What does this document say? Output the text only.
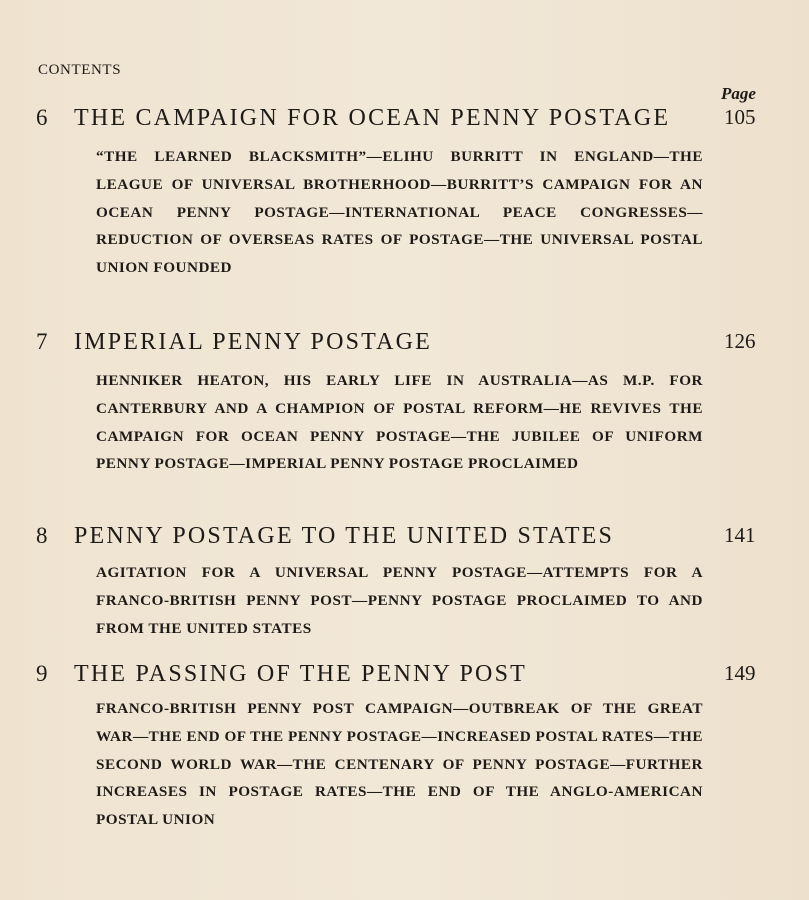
CONTENTS
Page
6 THE CAMPAIGN FOR OCEAN PENNY POSTAGE	105
“THE LEARNED BLACKSMITH”—ELIHU BURRITT IN ENGLAND—THE LEAGUE OF UNIVERSAL BROTHERHOOD—BURRITT’S CAMPAIGN FOR AN OCEAN PENNY POSTAGE—INTERNATIONAL PEACE CONGRESSES—REDUCTION OF OVERSEAS RATES OF POSTAGE—THE UNIVERSAL POSTAL UNION FOUNDED
7 IMPERIAL PENNY POSTAGE	126
HENNIKER HEATON, HIS EARLY LIFE IN AUSTRALIA—AS M.P. FOR CANTERBURY AND A CHAMPION OF POSTAL REFORM—HE REVIVES THE CAMPAIGN FOR OCEAN PENNY POSTAGE—THE JUBILEE OF UNIFORM PENNY POSTAGE—IMPERIAL PENNY POSTAGE PROCLAIMED
8 PENNY POSTAGE TO THE UNITED STATES	141
AGITATION FOR A UNIVERSAL PENNY POSTAGE—ATTEMPTS FOR A FRANCO-BRITISH PENNY POST—PENNY POSTAGE PROCLAIMED TO AND FROM THE UNITED STATES
9 THE PASSING OF THE PENNY POST	149
FRANCO-BRITISH PENNY POST CAMPAIGN—OUTBREAK OF THE GREAT WAR—THE END OF THE PENNY POSTAGE—INCREASED POSTAL RATES—THE SECOND WORLD WAR—THE CENTENARY OF PENNY POSTAGE—FURTHER INCREASES IN POSTAGE RATES—THE END OF THE ANGLO-AMERICAN POSTAL UNION
